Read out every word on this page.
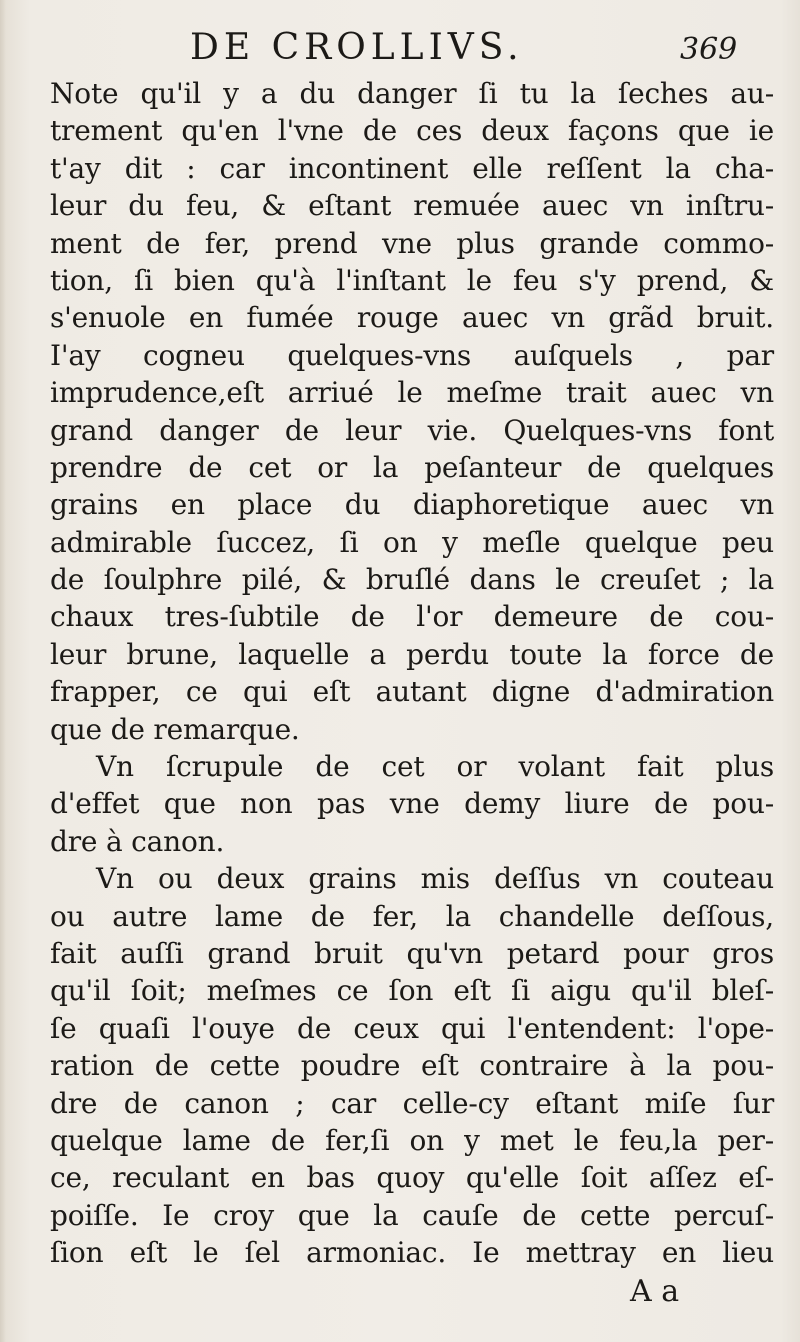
DE CROLLIVS.	369
Note qu'il y a du danger ſi tu la ſeches au-
trement qu'en l'vne de ces deux façons que ie
t'ay dit : car incontinent elle reſſent la cha-
leur du feu, & eſtant remuée auec vn inſtru-
ment de fer, prend vne plus grande commo-
tion, ſi bien qu'à l'inſtant le feu s'y prend, &
s'enuole en fumée rouge auec vn grãd bruit.
I'ay cogneu quelques-vns auſquels , par
imprudence,eſt arriué le meſme trait auec vn
grand danger de leur vie. Quelques-vns font
prendre de cet or la peſanteur de quelques
grains en place du diaphoretique auec vn
admirable ſuccez, ſi on y meſle quelque peu
de ſoulphre pilé, & bruſlé dans le creuſet ; la
chaux tres-ſubtile de l'or demeure de cou-
leur brune, laquelle a perdu toute la force de
frapper, ce qui eſt autant digne d'admiration
que de remarque.
Vn ſcrupule de cet or volant fait plus
d'effet que non pas vne demy liure de pou-
dre à canon.
Vn ou deux grains mis deſſus vn couteau
ou autre lame de fer, la chandelle deſſous,
fait auſſi grand bruit qu'vn petard pour gros
qu'il ſoit; meſmes ce ſon eſt ſi aigu qu'il bleſ-
ſe quaſi l'ouye de ceux qui l'entendent: l'ope-
ration de cette poudre eſt contraire à la pou-
dre de canon ; car celle-cy eſtant miſe ſur
quelque lame de fer,ſi on y met le feu,la per-
ce, reculant en bas quoy qu'elle ſoit aſſez eſ-
poiſſe. Ie croy que la cauſe de cette percuſ-
ſion eſt le ſel armoniac. Ie mettray en lieu
A a
